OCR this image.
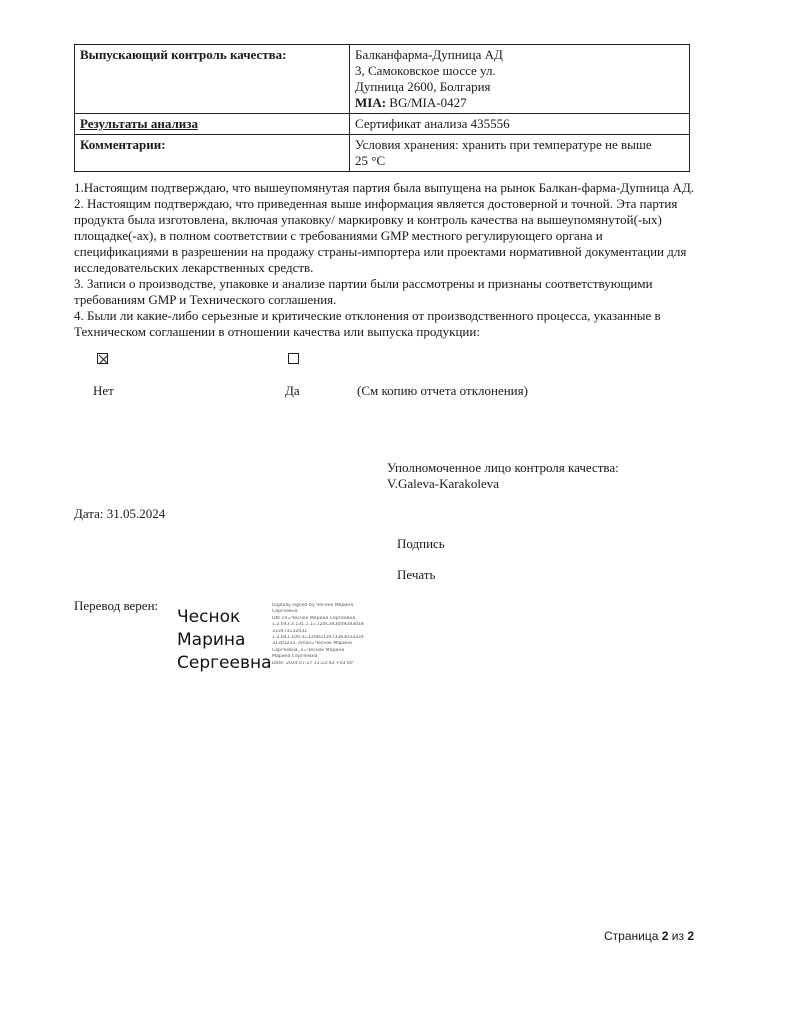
Выпускающий контроль качества:	Балканфарма-Дупница АД
3, Самоковское шоссе ул.
Дупница 2600, Болгария
MIA: BG/MIA-0427

Результаты анализа	Сертификат анализа 435556
Комментарии:	Условия хранения: хранить при температуре не выше
25 °C

1.Настоящим подтверждаю, что вышеупомянутая партия была выпущена на рынок Балкан-фарма-Дупница АД.

2. Настоящим подтверждаю, что приведенная выше информация является достоверной и точной. Эта партия продукта была изготовлена, включая упаковку/ маркировку и контроль качества на вышеупомянутой(-ых) площадке(-ах), в полном соответствии с требованиями GMP местного регулирующего органа и спецификациями в разрешении на продажу страны-импортера или проектами нормативной документации для исследовательских лекарственных средств.

3. Записи о производстве, упаковке и анализе партии были рассмотрены и признаны соответствующими требованиям GMP и Технического соглашения.

4. Были ли какие-либо серьезные и критические отклонения от производственного процесса, указанные в Техническом соглашении в отношении качества или выпуска продукции:

Нет	Да	(См копию отчета отклонения)
Уполномоченное лицо контроля качества:
V.Galeva-Karakoleva
Дата: 31.05.2024
Подпись
Печать
Перевод верен:
Чеснок
Марина
Сергеевна
Digitally signed by Чеснок Марина
Сергеевна
DN: cn=Чеснок Марина Сергеевна
1.2.643.3.131.1.1=120C343009283018
333473132031
1.2.643.100.3=120B313473363033334
31303232, email=Чеснок Марина
Сергеевна, o=Чеснок Марина
Марина Сергеевна
Date: 2024.07.17 11:22:42 +03'00'
Страница 2 из 2
